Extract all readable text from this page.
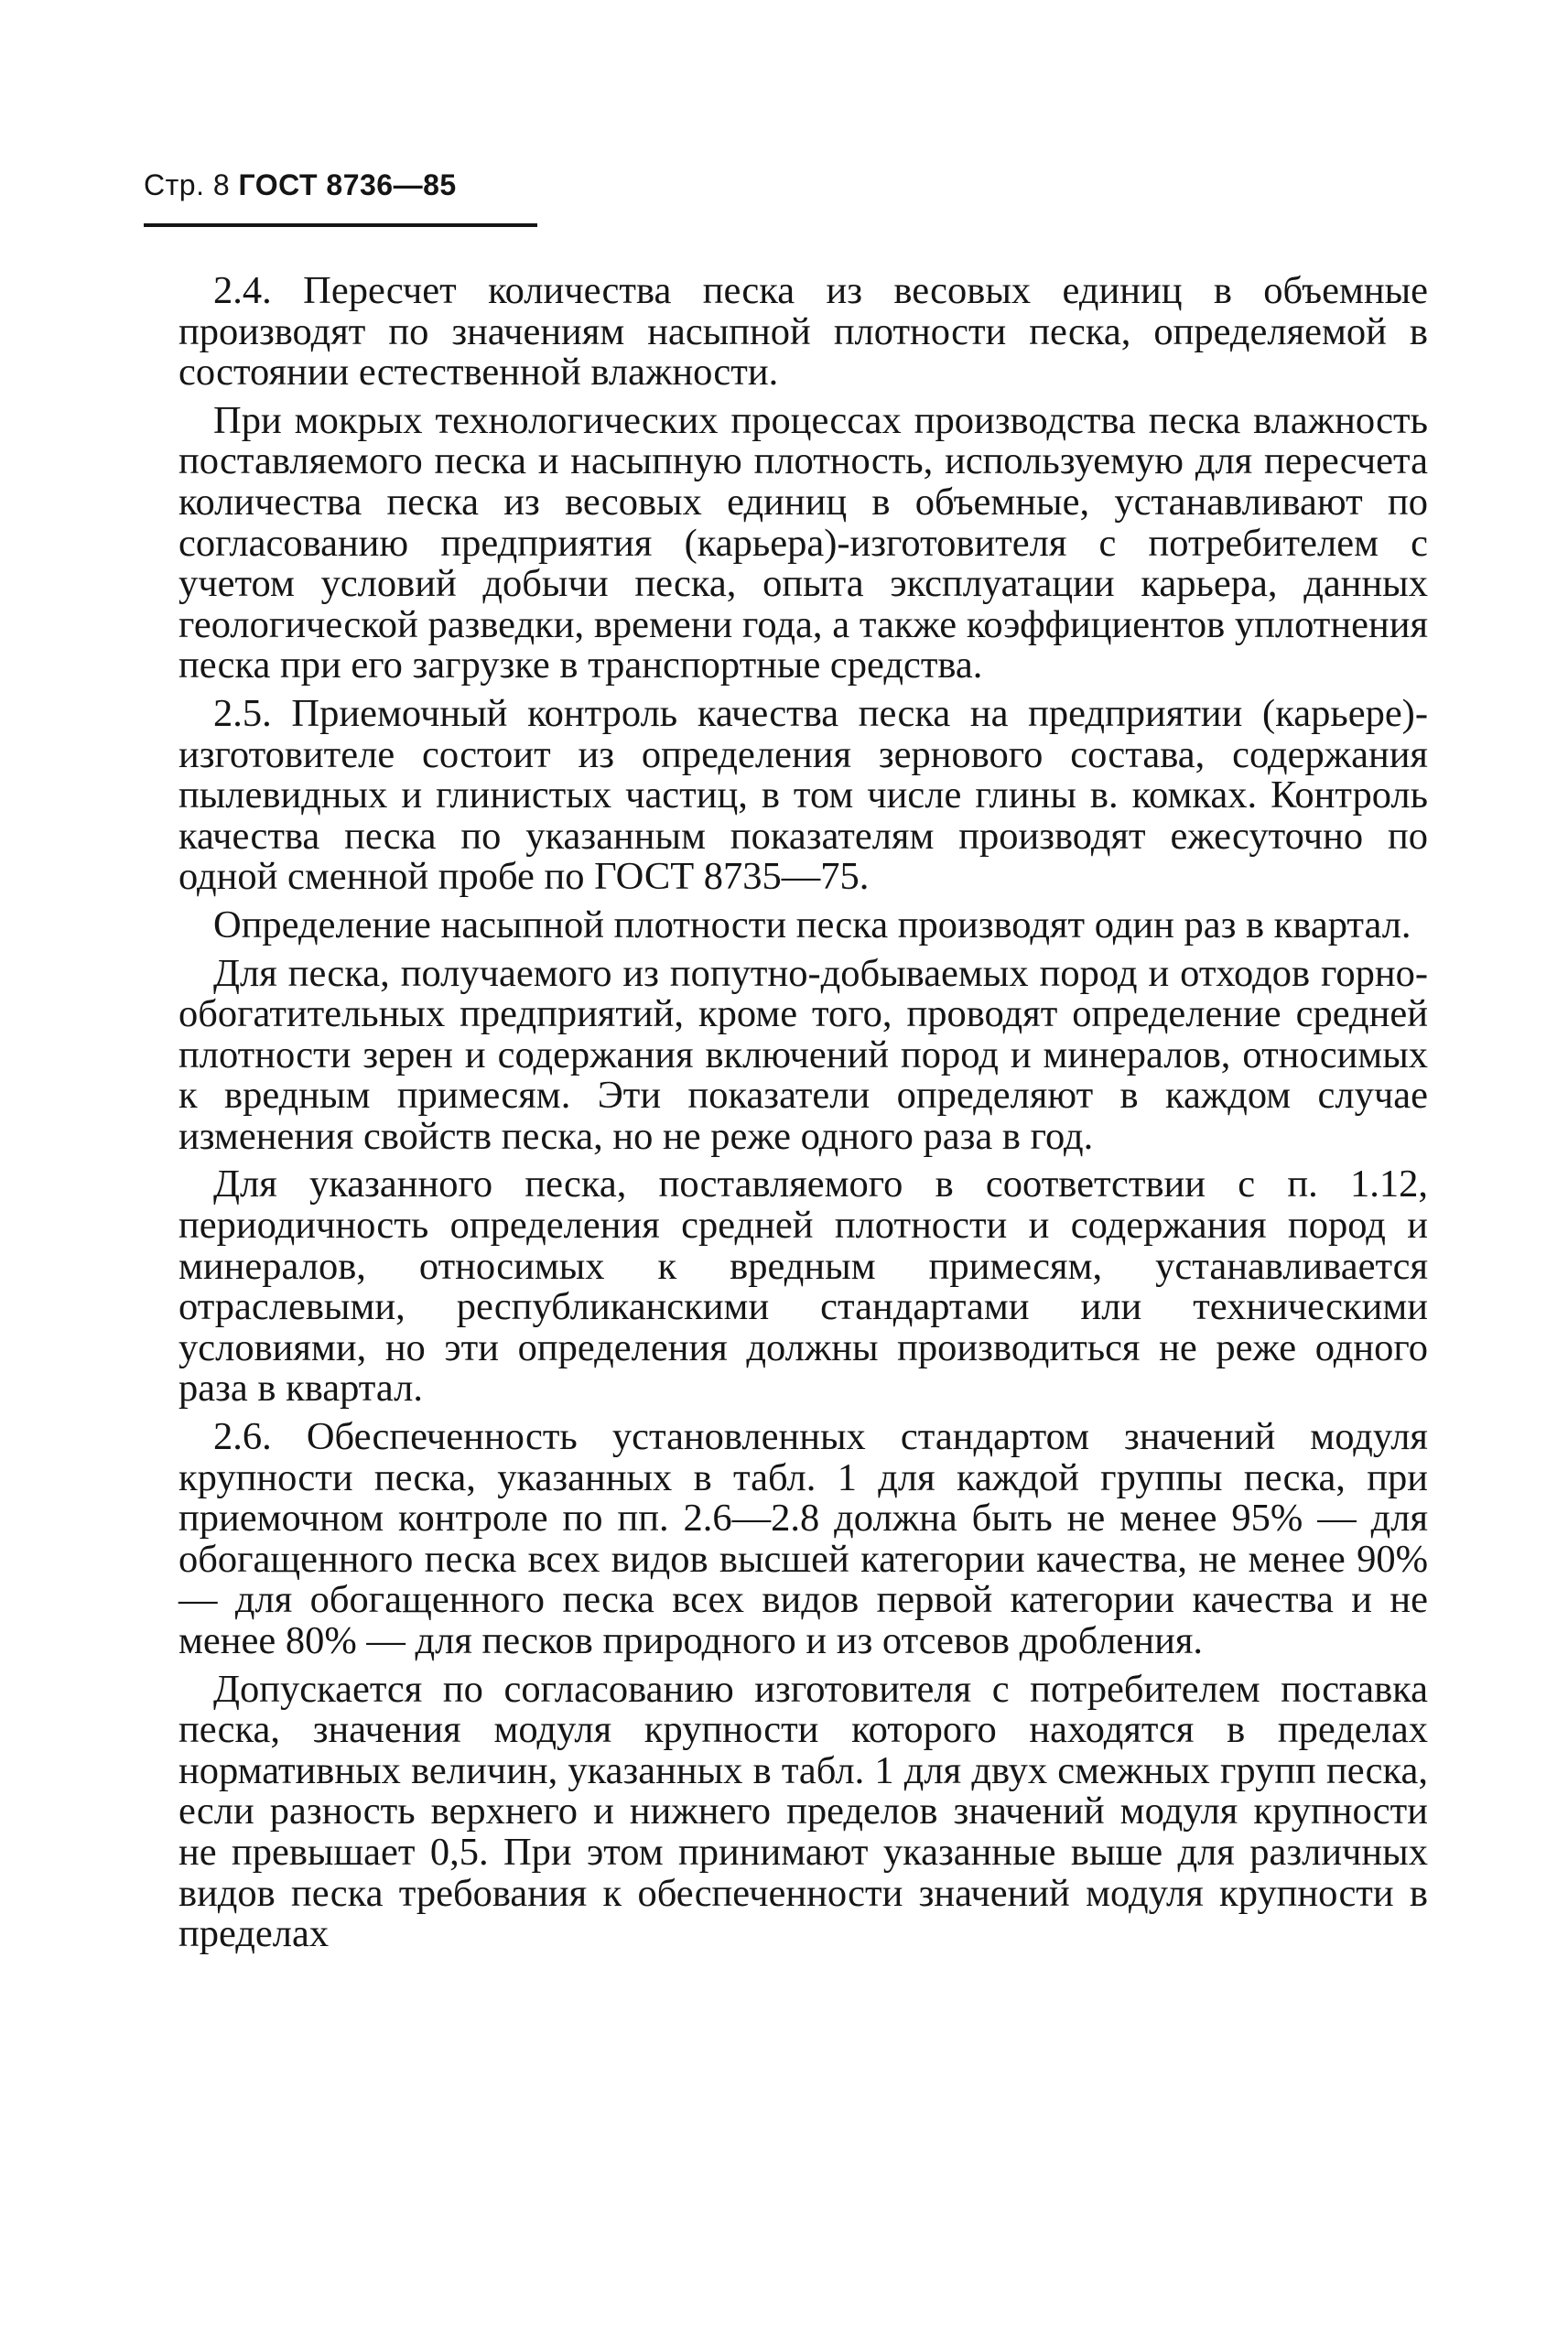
Стр. 8 ГОСТ 8736—85

2.4. Пересчет количества песка из весовых единиц в объемные производят по значениям насыпной плотности песка, определяемой в состоянии естественной влажности.

При мокрых технологических процессах производства песка влажность поставляемого песка и насыпную плотность, используемую для пересчета количества песка из весовых единиц в объемные, устанавливают по согласованию предприятия (карьера)-изготовителя с потребителем с учетом условий добычи песка, опыта эксплуатации карьера, данных геологической разведки, времени года, а также коэффициентов уплотнения песка при его загрузке в транспортные средства.

2.5. Приемочный контроль качества песка на предприятии (карьере)-изготовителе состоит из определения зернового состава, содержания пылевидных и глинистых частиц, в том числе глины в. комках. Контроль качества песка по указанным показателям производят ежесуточно по одной сменной пробе по ГОСТ 8735—75.

Определение насыпной плотности песка производят один раз в квартал.

Для песка, получаемого из попутно-добываемых пород и отходов горно-обогатительных предприятий, кроме того, проводят определение средней плотности зерен и содержания включений пород и минералов, относимых к вредным примесям. Эти показатели определяют в каждом случае изменения свойств песка, но не реже одного раза в год.

Для указанного песка, поставляемого в соответствии с п. 1.12, периодичность определения средней плотности и содержания пород и минералов, относимых к вредным примесям, устанавливается отраслевыми, республиканскими стандартами или техническими условиями, но эти определения должны производиться не реже одного раза в квартал.

2.6. Обеспеченность установленных стандартом значений модуля крупности песка, указанных в табл. 1 для каждой группы песка, при приемочном контроле по пп. 2.6—2.8 должна быть не менее 95% — для обогащенного песка всех видов высшей категории качества, не менее 90% — для обогащенного песка всех видов первой категории качества и не менее 80% — для песков природного и из отсевов дробления.

Допускается по согласованию изготовителя с потребителем поставка песка, значения модуля крупности которого находятся в пределах нормативных величин, указанных в табл. 1 для двух смежных групп песка, если разность верхнего и нижнего пределов значений модуля крупности не превышает 0,5. При этом принимают указанные выше для различных видов песка требования к обеспеченности значений модуля крупности в пределах
